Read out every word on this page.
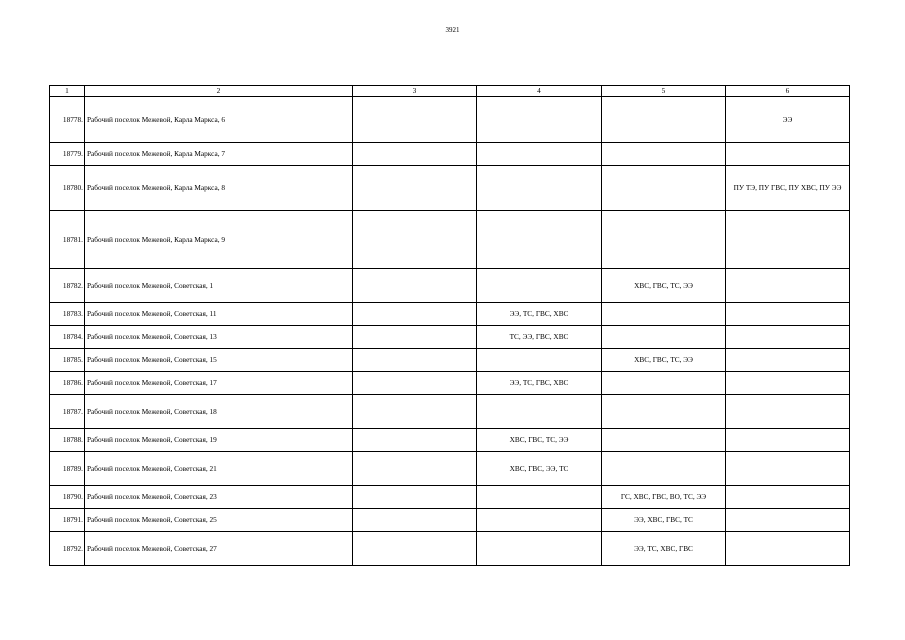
3921
1	2	3	4	5	6
18778.	Рабочий поселок Межевой, Карла Маркса, 6				ЭЭ
18779.	Рабочий поселок Межевой, Карла Маркса, 7				
18780.	Рабочий поселок Межевой, Карла Маркса, 8				ПУ ТЭ, ПУ ГВС, ПУ ХВС, ПУ ЭЭ
18781.	Рабочий поселок Межевой, Карла Маркса, 9				
18782.	Рабочий поселок Межевой, Советская, 1			ХВС, ГВС, ТС, ЭЭ	
18783.	Рабочий поселок Межевой, Советская, 11		ЭЭ, ТС, ГВС, ХВС		
18784.	Рабочий поселок Межевой, Советская, 13		ТС, ЭЭ, ГВС, ХВС		
18785.	Рабочий поселок Межевой, Советская, 15			ХВС, ГВС, ТС, ЭЭ	
18786.	Рабочий поселок Межевой, Советская, 17		ЭЭ, ТС, ГВС, ХВС		
18787.	Рабочий поселок Межевой, Советская, 18				
18788.	Рабочий поселок Межевой, Советская, 19		ХВС, ГВС, ТС, ЭЭ		
18789.	Рабочий поселок Межевой, Советская, 21		ХВС, ГВС, ЭЭ, ТС		
18790.	Рабочий поселок Межевой, Советская, 23			ГС, ХВС, ГВС, ВО, ТС, ЭЭ	
18791.	Рабочий поселок Межевой, Советская, 25			ЭЭ, ХВС, ГВС, ТС	
18792.	Рабочий поселок Межевой, Советская, 27			ЭЭ, ТС, ХВС, ГВС	
